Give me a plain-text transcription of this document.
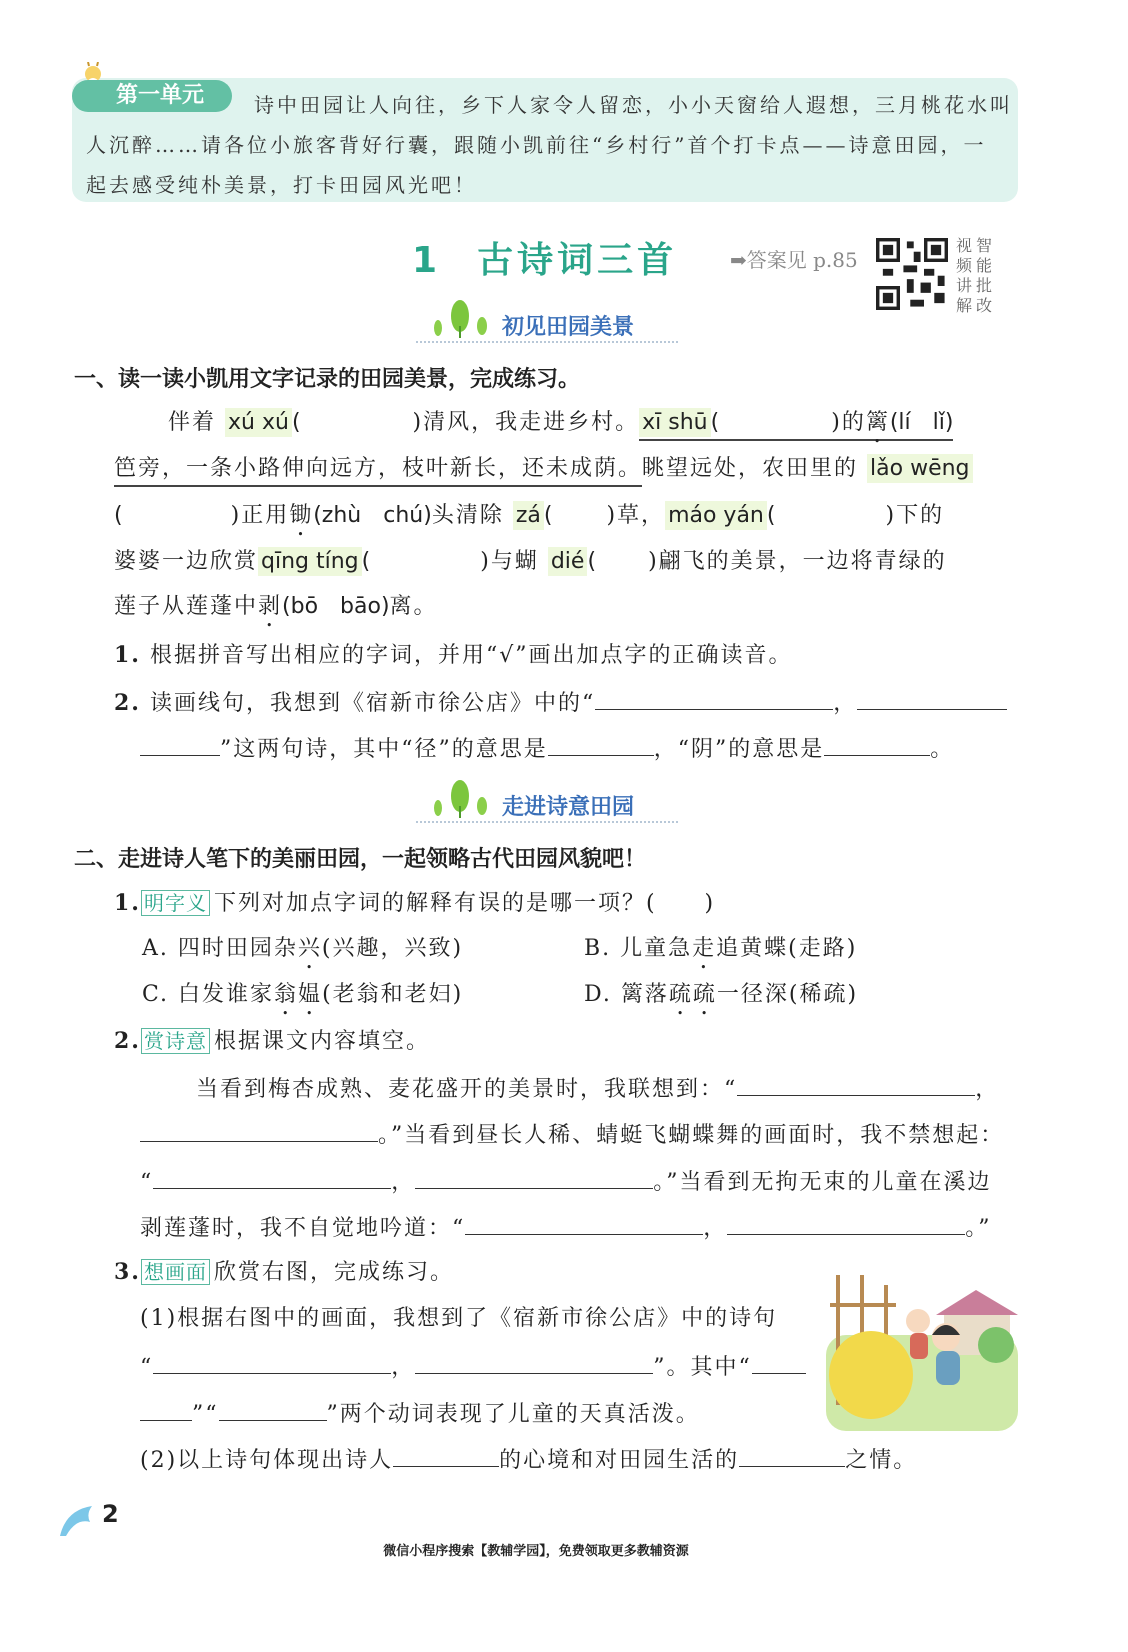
第一单元	诗中田园让人向往，乡下人家令人留恋，小小天窗给人遐想，三月桃花水叫
人沉醉……请各位小旅客背好行囊，跟随小凯前往“乡村行”首个打卡点——诗意田园，一
起去感受纯朴美景，打卡田园风光吧！
1 古诗词三首	➡答案见 p.85
视智
频能
讲批
解改
初见田园美景
一、读一读小凯用文字记录的田园美景，完成练习。
伴着 xú xú (	)清风，我走进乡村。 xī shū (	)的篱(lí　lǐ)
笆旁，一条小路伸向远方，枝叶新长，还未成荫。眺望远处，农田里的 lǎo wēng
(	)正用锄(zhù　chú)头清除 zá ( )草， máo yán (	)下的
婆婆一边欣赏 qīng tíng (	)与蝴 dié ( )翩飞的美景，一边将青绿的
莲子从莲蓬中剥(bō　bāo)离。
1. 根据拼音写出相应的字词，并用“√”画出加点字的正确读音。
2. 读画线句，我想到《宿新市徐公店》中的“	，
”这两句诗，其中“径”的意思是	，“阴”的意思是	。
走进诗意田园
二、走进诗人笔下的美丽田园，一起领略古代田园风貌吧！
1. 明字义 下列对加点字词的解释有误的是哪一项？(　　)
A. 四时田园杂兴(兴趣，兴致)	B. 儿童急走追黄蝶(走路)
C. 白发谁家翁媪(老翁和老妇)	D. 篱落疏疏一径深(稀疏)
2. 赏诗意 根据课文内容填空。
当看到梅杏成熟、麦花盛开的美景时，我联想到：“	，
。”当看到昼长人稀、蜻蜓飞蝴蝶舞的画面时，我不禁想起：
“	，	。”当看到无拘无束的儿童在溪边
剥莲蓬时，我不自觉地吟道：“	，	。”
3. 想画面 欣赏右图，完成练习。
(1)根据右图中的画面，我想到了《宿新市徐公店》中的诗句
“	，	”。其中“
”“	”两个动词表现了儿童的天真活泼。
(2)以上诗句体现出诗人	的心境和对田园生活的	之情。
2
微信小程序搜索【教辅学园】，免费领取更多教辅资源
